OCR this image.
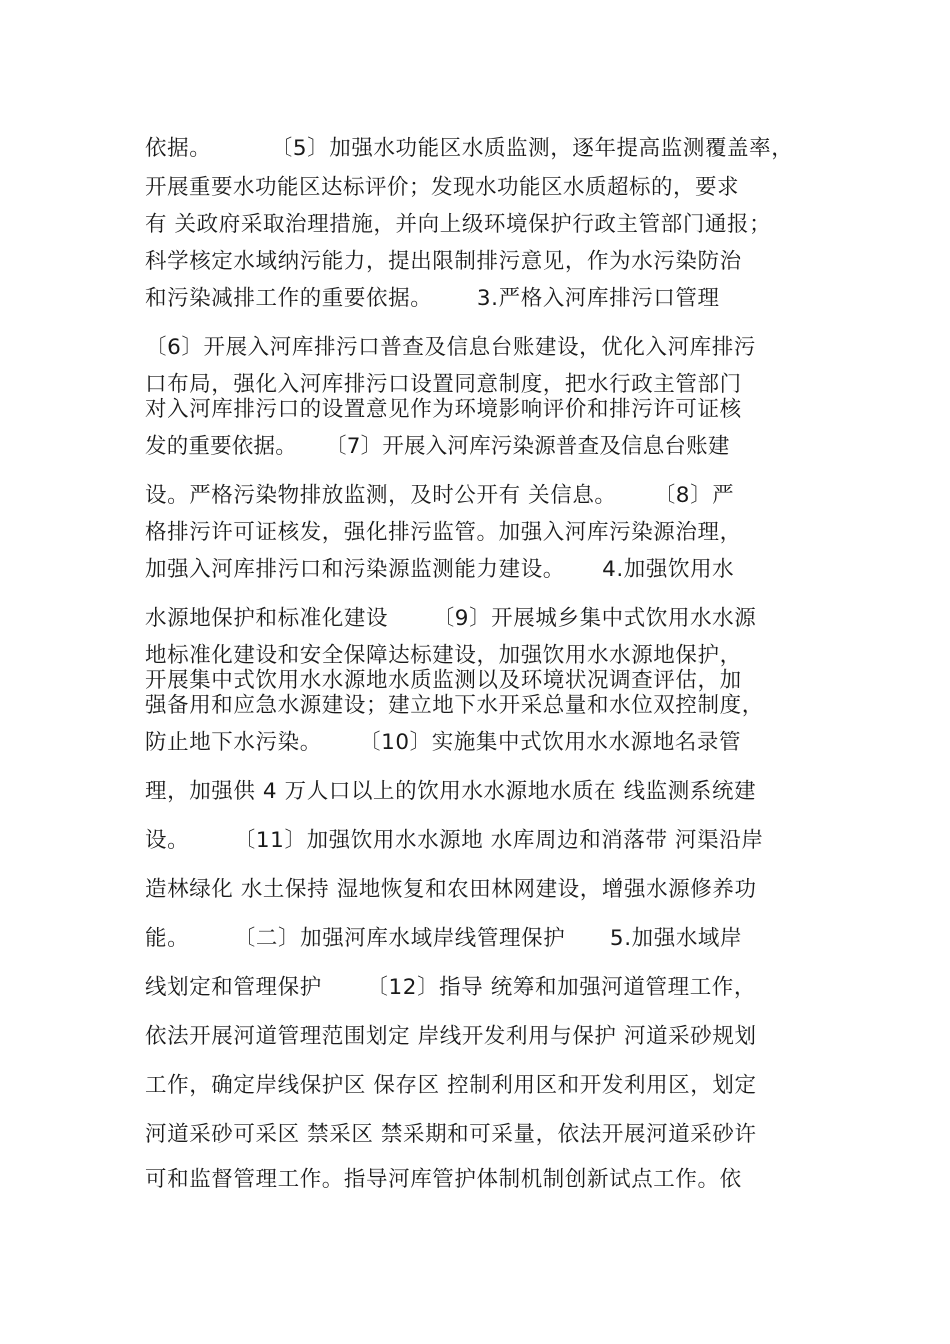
依据。        〔5〕加强水功能区水质监测，逐年提高监测覆盖率，
开展重要水功能区达标评价；发现水功能区水质超标的，要求
有 关政府采取治理措施，并向上级环境保护行政主管部门通报；
科学核定水域纳污能力，提出限制排污意见，作为水污染防治
和污染减排工作的重要依据。      3.严格入河库排污口管理
〔6〕开展入河库排污口普查及信息台账建设，优化入河库排污
口布局，强化入河库排污口设置同意制度，把水行政主管部门
对入河库排污口的设置意见作为环境影响评价和排污许可证核
发的重要依据。    〔7〕开展入河库污染源普查及信息台账建
设。严格污染物排放监测，及时公开有 关信息。     〔8〕严
格排污许可证核发，强化排污监管。加强入河库污染源治理，
加强入河库排污口和污染源监测能力建设。     4.加强饮用水
水源地保护和标准化建设      〔9〕开展城乡集中式饮用水水源
地标准化建设和安全保障达标建设，加强饮用水水源地保护，
开展集中式饮用水水源地水质监测以及环境状况调查评估，加
强备用和应急水源建设；建立地下水开采总量和水位双控制度，
防止地下水污染。     〔10〕实施集中式饮用水水源地名录管
理，加强供 4 万人口以上的饮用水水源地水质在 线监测系统建
设。      〔11〕加强饮用水水源地 水库周边和消落带 河渠沿岸
造林绿化 水土保持 湿地恢复和农田林网建设，增强水源修养功
能。      〔二〕加强河库水域岸线管理保护      5.加强水域岸
线划定和管理保护      〔12〕指导 统筹和加强河道管理工作，
依法开展河道管理范围划定 岸线开发利用与保护 河道采砂规划
工作，确定岸线保护区 保存区 控制利用区和开发利用区，划定
河道采砂可采区 禁采区 禁采期和可采量，依法开展河道采砂许
可和监督管理工作。指导河库管护体制机制创新试点工作。依
